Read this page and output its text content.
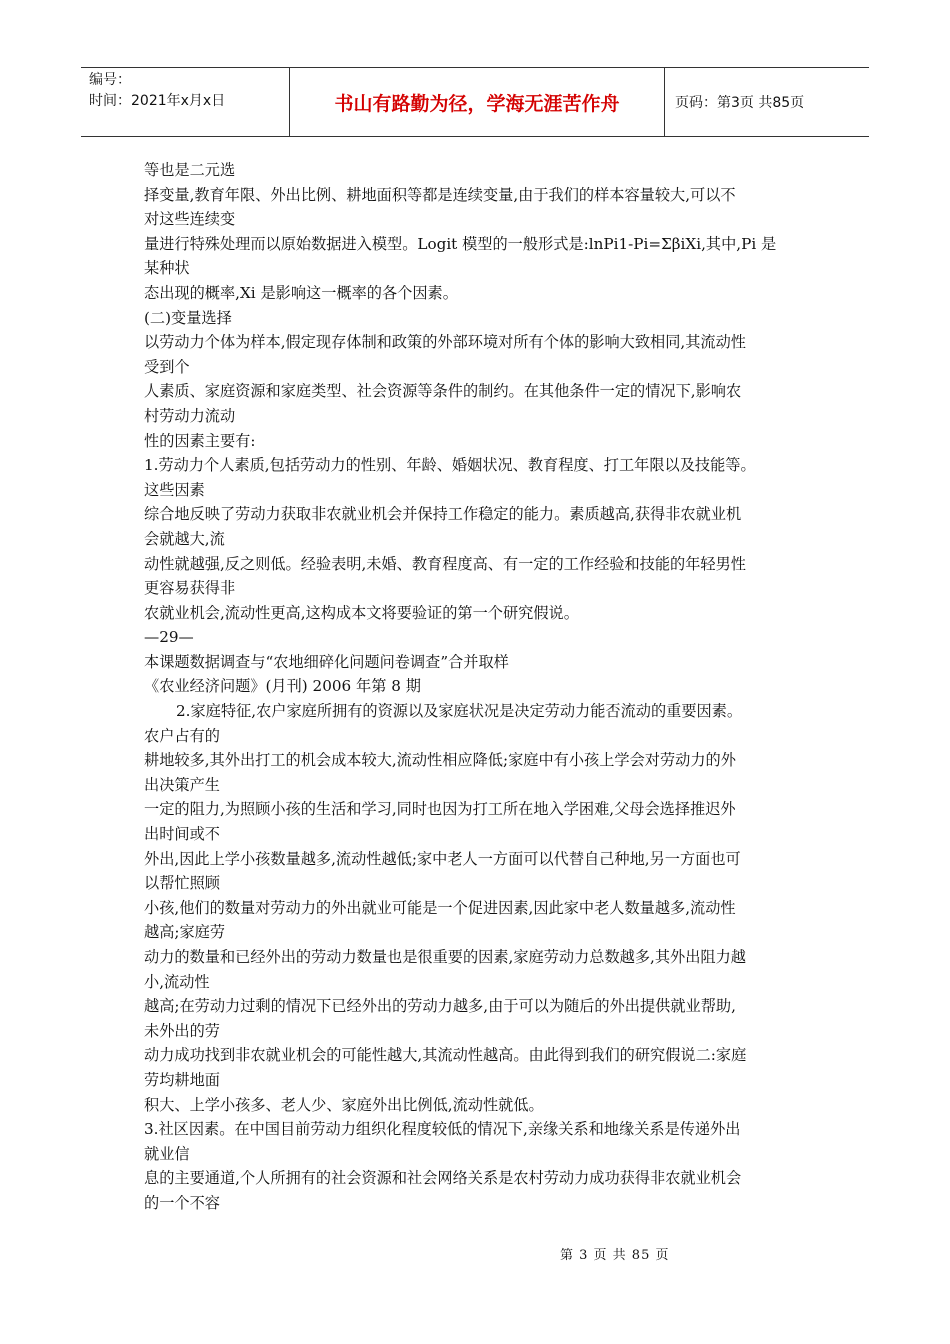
编号：
时间：2021年x月x日	书山有路勤为径，学海无涯苦作舟	页码：第3页 共85页
等也是二元选
择变量,教育年限、外出比例、耕地面积等都是连续变量,由于我们的样本容量较大,可以不
对这些连续变
量进行特殊处理而以原始数据进入模型。Logit 模型的一般形式是:lnPi1-Pi=ΣβiXi,其中,Pi 是
某种状
态出现的概率,Xi 是影响这一概率的各个因素。
(二)变量选择
以劳动力个体为样本,假定现存体制和政策的外部环境对所有个体的影响大致相同,其流动性
受到个
人素质、家庭资源和家庭类型、社会资源等条件的制约。在其他条件一定的情况下,影响农
村劳动力流动
性的因素主要有:
1.劳动力个人素质,包括劳动力的性别、年龄、婚姻状况、教育程度、打工年限以及技能等。
这些因素
综合地反映了劳动力获取非农就业机会并保持工作稳定的能力。素质越高,获得非农就业机
会就越大,流
动性就越强,反之则低。经验表明,未婚、教育程度高、有一定的工作经验和技能的年轻男性
更容易获得非
农就业机会,流动性更高,这构成本文将要验证的第一个研究假说。
—29—
本课题数据调查与“农地细碎化问题问卷调查”合并取样
《农业经济问题》(月刊) 2006 年第 8 期
2.家庭特征,农户家庭所拥有的资源以及家庭状况是决定劳动力能否流动的重要因素。
农户占有的
耕地较多,其外出打工的机会成本较大,流动性相应降低;家庭中有小孩上学会对劳动力的外
出决策产生
一定的阻力,为照顾小孩的生活和学习,同时也因为打工所在地入学困难,父母会选择推迟外
出时间或不
外出,因此上学小孩数量越多,流动性越低;家中老人一方面可以代替自己种地,另一方面也可
以帮忙照顾
小孩,他们的数量对劳动力的外出就业可能是一个促进因素,因此家中老人数量越多,流动性
越高;家庭劳
动力的数量和已经外出的劳动力数量也是很重要的因素,家庭劳动力总数越多,其外出阻力越
小,流动性
越高;在劳动力过剩的情况下已经外出的劳动力越多,由于可以为随后的外出提供就业帮助,
未外出的劳
动力成功找到非农就业机会的可能性越大,其流动性越高。由此得到我们的研究假说二:家庭
劳均耕地面
积大、上学小孩多、老人少、家庭外出比例低,流动性就低。
3.社区因素。在中国目前劳动力组织化程度较低的情况下,亲缘关系和地缘关系是传递外出
就业信
息的主要通道,个人所拥有的社会资源和社会网络关系是农村劳动力成功获得非农就业机会
的一个不容
第 3 页 共 85 页
